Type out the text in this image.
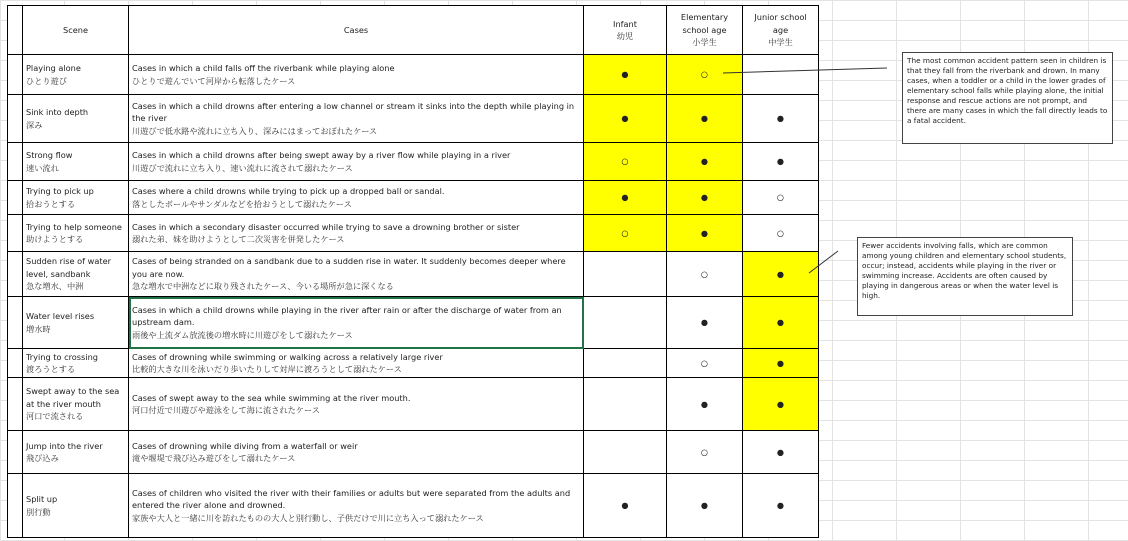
	Scene	Cases	Infant
幼児	Elementary school age
小学生	Junior school age
中学生

	Playing alone
ひとり遊び	Cases in which a child falls off the riverbank while playing alone
ひとりで遊んでいて河岸から転落したケース	●	○	

	Sink into depth
深み	Cases in which a child drowns after entering a low channel or stream it sinks into the depth while playing in the river
川遊びで低水路や流れに立ち入り、深みにはまっておぼれたケース	●	●	●

	Strong flow
速い流れ	Cases in which a child drowns after being swept away by a river flow while playing in a river
川遊びで流れに立ち入り、速い流れに流されて溺れたケース	○	●	●

	Trying to pick up
拾おうとする	Cases where a child drowns while trying to pick up a dropped ball or sandal.
落としたボールやサンダルなどを拾おうとして溺れたケース	●	●	○

	Trying to help someone
助けようとする	Cases in which a secondary disaster occurred while trying to save a drowning brother or sister
溺れた弟、妹を助けようとして二次災害を併発したケース	○	●	○

	Sudden rise of water level, sandbank
急な増水、中洲	Cases of being stranded on a sandbank due to a sudden rise in water. It suddenly becomes deeper where you are now.
急な増水で中洲などに取り残されたケース、今いる場所が急に深くなる		○	●

	Water level rises
増水時	Cases in which a child drowns while playing in the river after rain or after the discharge of water from an upstream dam.
雨後や上流ダム放流後の増水時に川遊びをして溺れたケース		●	●

	Trying to crossing
渡ろうとする	Cases of drowning while swimming or walking across a relatively large river
比較的大きな川を泳いだり歩いたりして対岸に渡ろうとして溺れたケース		○	●

	Swept away to the sea at the river mouth
河口で流される	Cases of swept away to the sea while swimming at the river mouth.
河口付近で川遊びや遊泳をして海に流されたケース		●	●

	Jump into the river
飛び込み	Cases of drowning while diving from a waterfall or weir
滝や堰堤で飛び込み遊びをして溺れたケース		○	●

	Split up
別行動	Cases of children who visited the river with their families or adults but were separated from the adults and entered the river alone and drowned.
家族や大人と一緒に川を訪れたものの大人と別行動し、子供だけで川に立ち入って溺れたケース	●	●	●
The most common accident pattern seen in children is that they fall from the riverbank and drown. In many cases, when a toddler or a child in the lower grades of elementary school falls while playing alone, the initial response and rescue actions are not prompt, and there are many cases in which the fall directly leads to a fatal accident.
Fewer accidents involving falls, which are common among young children and elementary school students, occur; instead, accidents while playing in the river or swimming increase. Accidents are often caused by playing in dangerous areas or when the water level is high.
